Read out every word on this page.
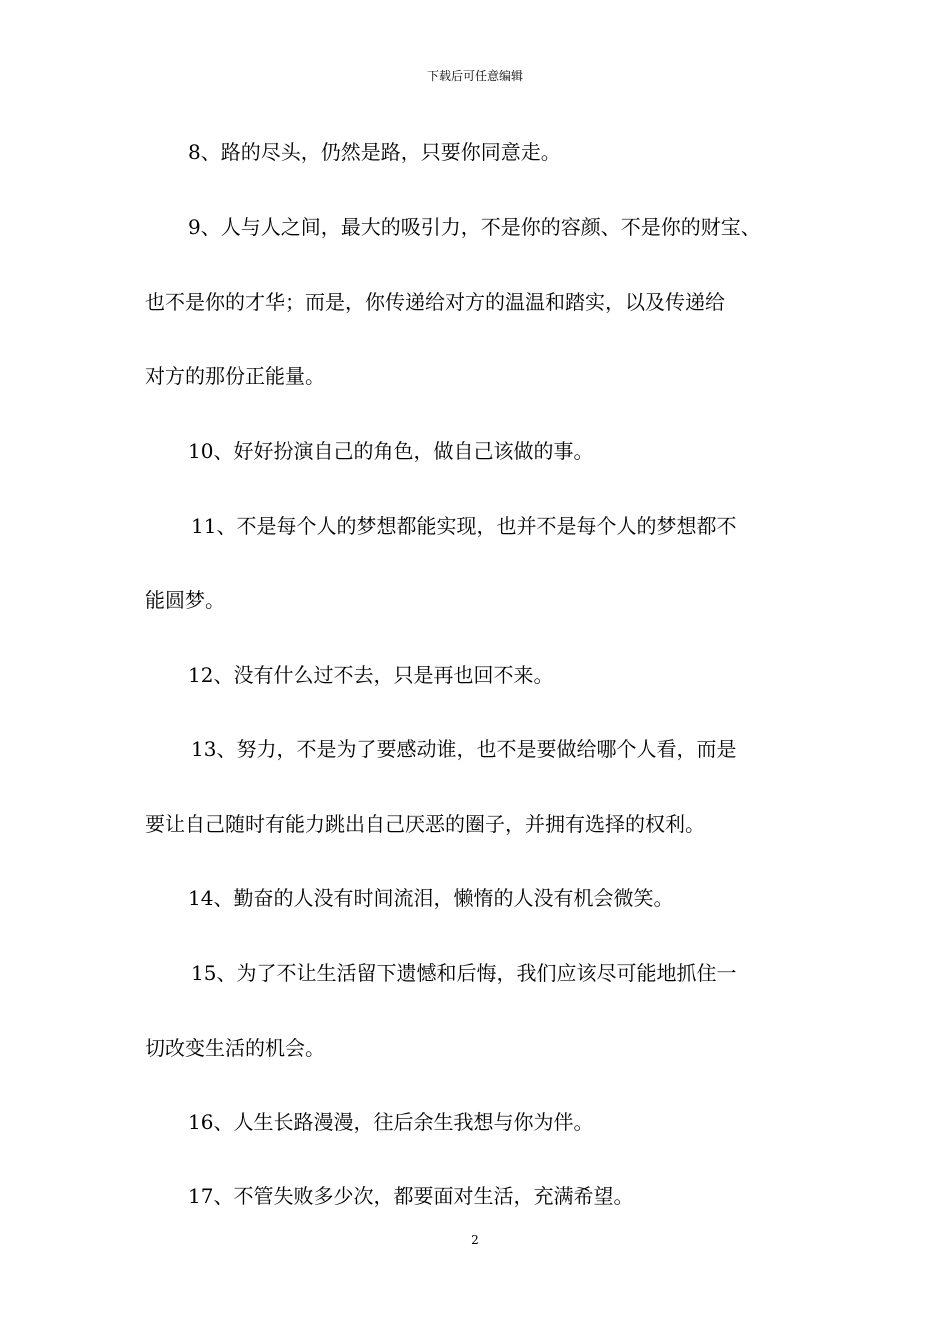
下载后可任意编辑
8、路的尽头，仍然是路，只要你同意走。
9、人与人之间，最大的吸引力，不是你的容颜、不是你的财宝、
也不是你的才华；而是，你传递给对方的温温和踏实，以及传递给
对方的那份正能量。
10、好好扮演自己的角色，做自己该做的事。
11、不是每个人的梦想都能实现，也并不是每个人的梦想都不
能圆梦。
12、没有什么过不去，只是再也回不来。
13、努力，不是为了要感动谁，也不是要做给哪个人看，而是
要让自己随时有能力跳出自己厌恶的圈子，并拥有选择的权利。
14、勤奋的人没有时间流泪，懒惰的人没有机会微笑。
15、为了不让生活留下遗憾和后悔，我们应该尽可能地抓住一
切改变生活的机会。
16、人生长路漫漫，往后余生我想与你为伴。
17、不管失败多少次，都要面对生活，充满希望。
2
